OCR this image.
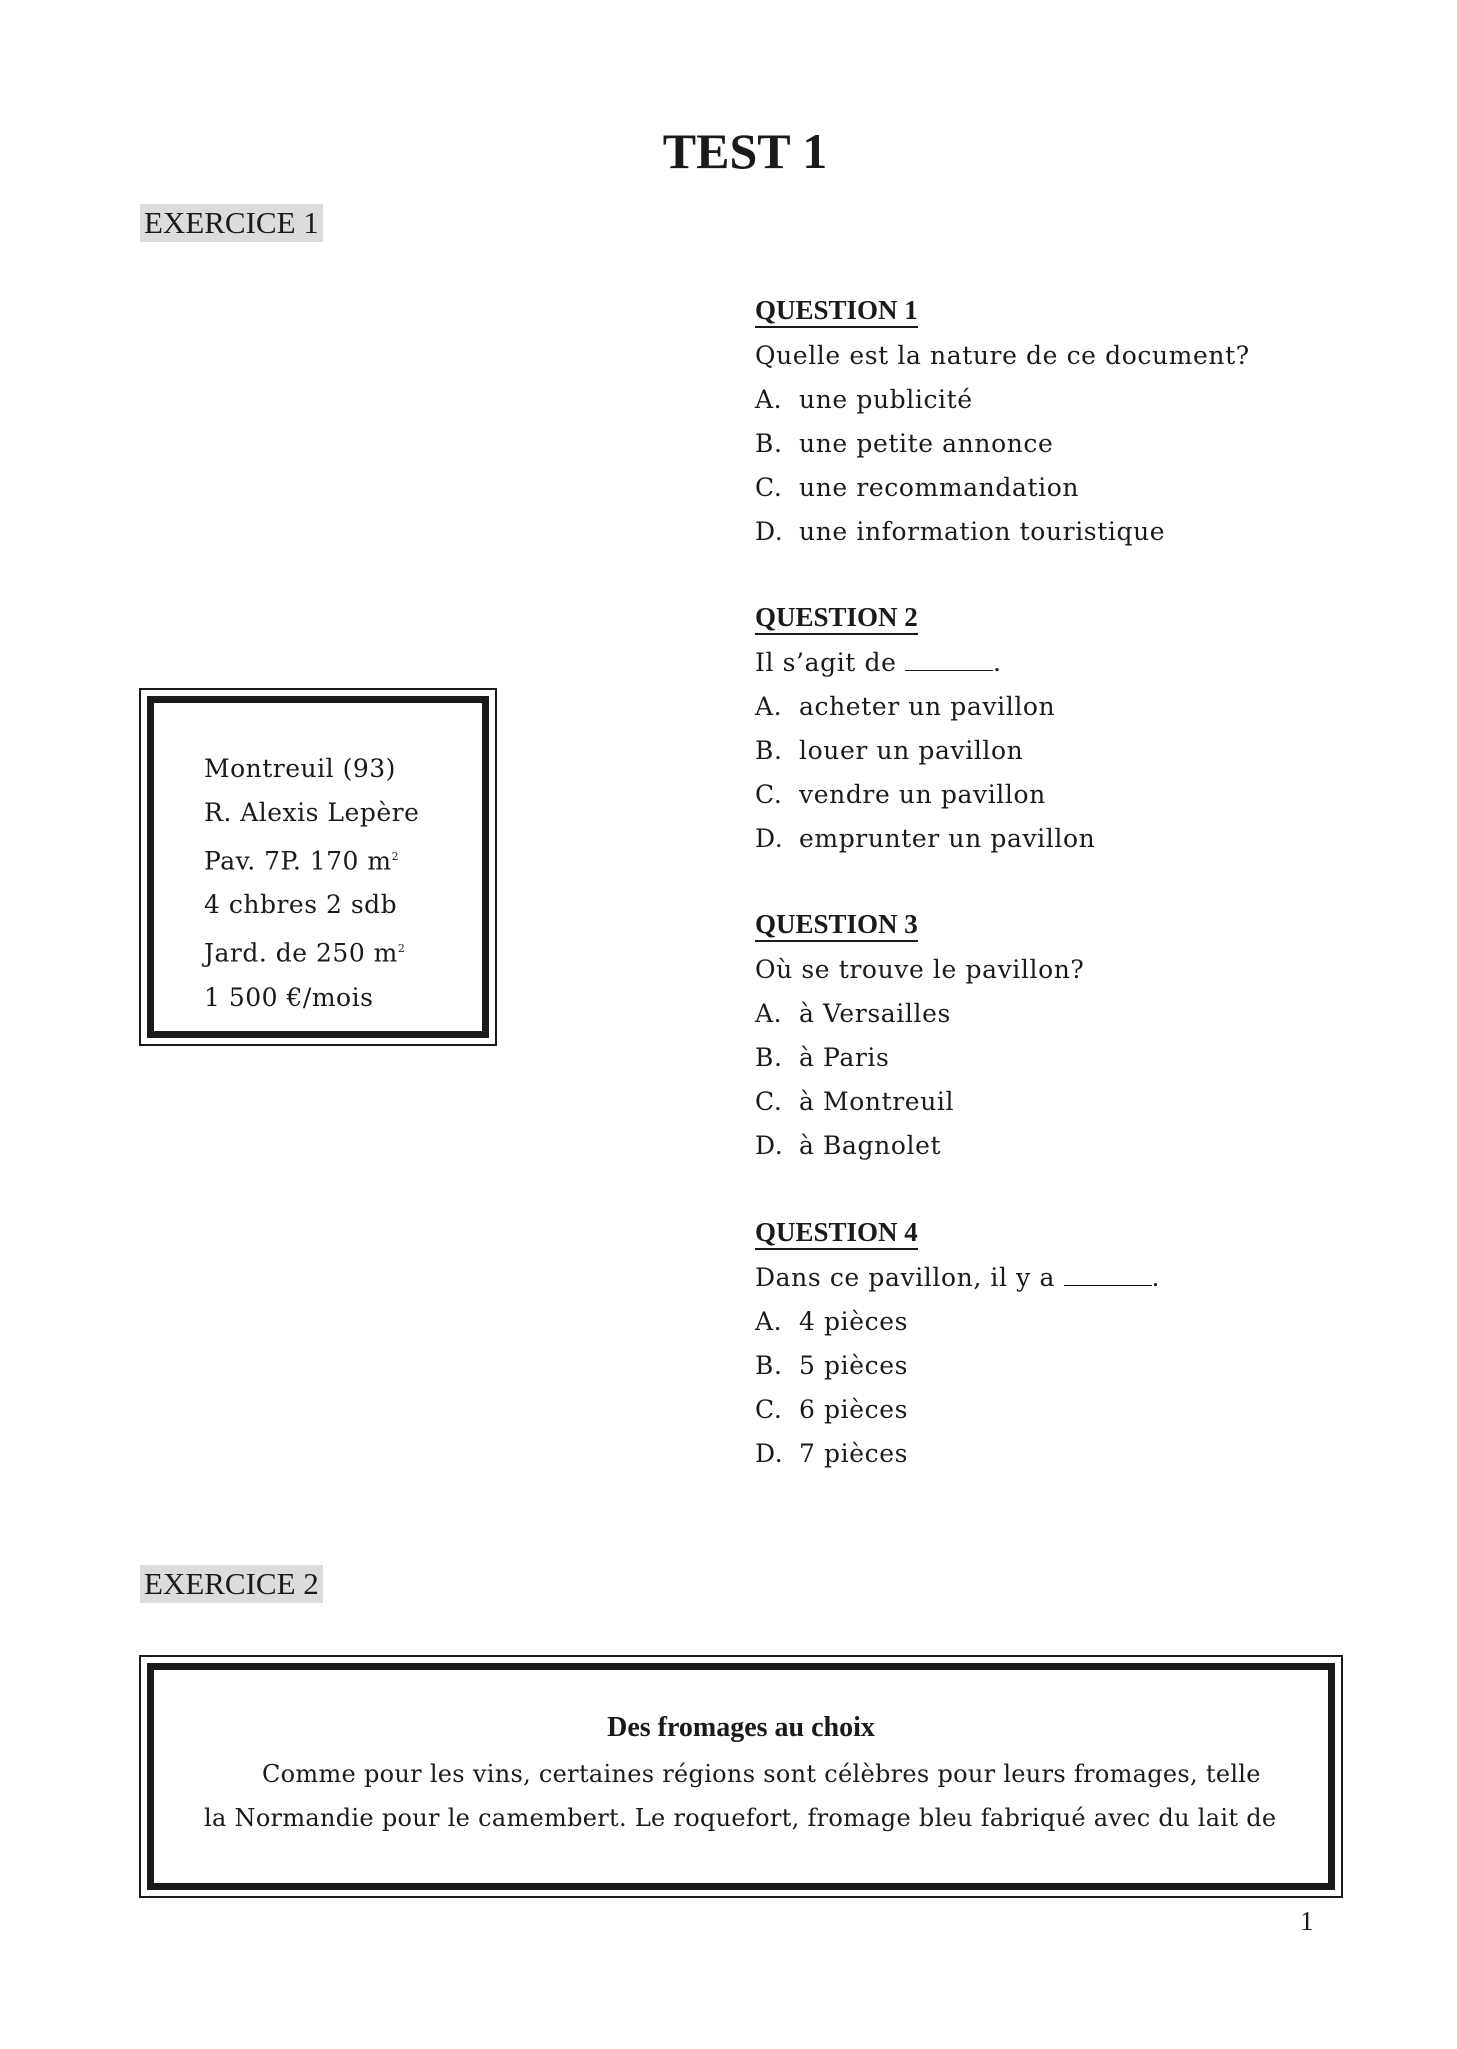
TEST 1
EXERCICE 1
Montreuil (93)
R. Alexis Lepère
Pav. 7P. 170 $m^2$
4 chbres 2 sdb
Jard. de 250 $m^2$
1 500 €/mois
QUESTION 1
Quelle est la nature de ce document?
A. une publicité
B. une petite annonce
C. une recommandation
D. une information touristique
QUESTION 2
Il s’agit de	.
A. acheter un pavillon
B. louer un pavillon
C. vendre un pavillon
D. emprunter un pavillon
QUESTION 3
Où se trouve le pavillon?
A. à Versailles
B. à Paris
C. à Montreuil
D. à Bagnolet
QUESTION 4
Dans ce pavillon, il y a	.
A. 4 pièces
B. 5 pièces
C. 6 pièces
D. 7 pièces
EXERCICE 2
Des fromages au choix
Comme pour les vins, certaines régions sont célèbres pour leurs fromages, telle
la Normandie pour le camembert. Le roquefort, fromage bleu fabriqué avec du lait de
1
